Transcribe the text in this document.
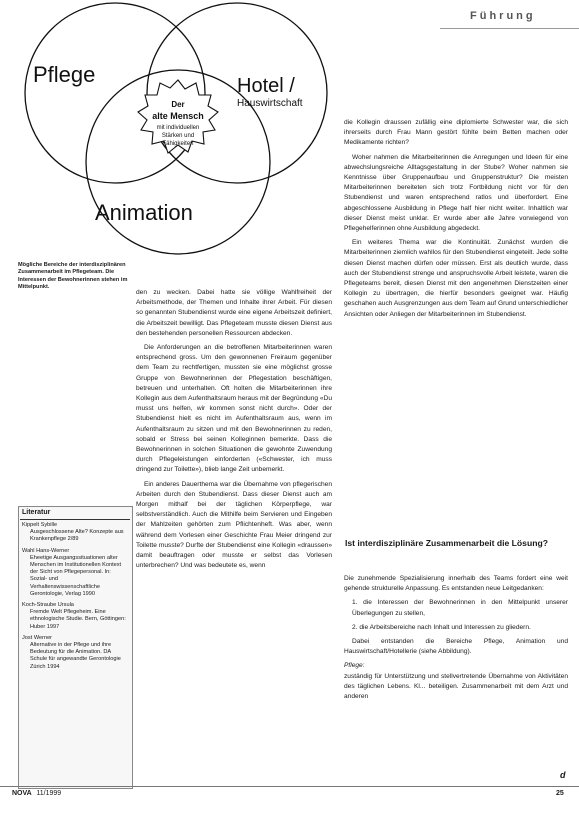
Führung
Pflege	Hotel /
Hauswirtschaft
Animation
Der
alte Mensch
mit individuellen
Stärken und
Fähigkeiten
Mögliche Bereiche der interdisziplinären Zusammenarbeit im Pflegeteam. Die Interessen der Bewohnerinnen stehen im Mittelpunkt.

den zu wecken. Dabei hatte sie völlige Wahlfreiheit der Arbeitsmethode, der Themen und Inhalte ihrer Arbeit. Für diesen so genannten Stubendienst wurde eine eigene Arbeitszeit definiert, die Arbeitszeit bewilligt. Das Pflegeteam musste diesen Dienst aus den bestehenden personellen Ressourcen abdecken.

Die Anforderungen an die betroffenen Mitarbeiterinnen waren entsprechend gross. Um den gewonnenen Freiraum gegenüber dem Team zu rechtfertigen, mussten sie eine möglichst grosse Gruppe von Bewohnerinnen der Pflegestation beschäftigen, betreuen und unterhalten. Oft holten die Mitarbeiterinnen ihre Kollegin aus dem Aufenthaltsraum heraus mit der Begründung «Du musst uns helfen, wir kommen sonst nicht durch». Oder der Stubendienst hielt es nicht im Aufenthaltsraum aus, wenn im Aufenthaltsraum zu sitzen und mit den Bewohnerinnen zu reden, sobald er Stress bei seinen Kolleginnen bemerkte. Dass die Bewohnerinnen in solchen Situationen die gewohnte Zuwendung durch Pflegeleistungen einforderten («Schwester, ich muss dringend zur Toilette»), blieb lange Zeit unbemerkt.

Ein anderes Dauerthema war die Übernahme von pflegerischen Arbeiten durch den Stubendienst. Dass dieser Dienst auch am Morgen mithalf bei der täglichen Körperpflege, war selbstverständlich. Auch die Mithilfe beim Servieren und Eingeben der Mahlzeiten gehörten zum Pflichtenheft. Was aber, wenn während dem Vorlesen einer Geschichte Frau Meier dringend zur Toilette musste? Durfte der Stubendienst eine Kollegin «draussen» damit beauftragen oder musste er selbst das Vorlesen unterbrechen? Und was bedeutete es, wenn

die Kollegin draussen zufällig eine diplomierte Schwester war, die sich ihrerseits durch Frau Mann gestört fühlte beim Betten machen oder Medikamente richten?

Woher nahmen die Mitarbeiterinnen die Anregungen und Ideen für eine abwechslungsreiche Alltagsgestaltung in der Stube? Woher nahmen sie Kenntnisse über Gruppenaufbau und Gruppenstruktur? Die meisten Mitarbeiterinnen bereiteten sich trotz Fortbildung nicht vor für den Stubendienst und waren entsprechend ratlos und überfordert. Eine abgeschlossene Ausbildung in Pflege half hier nicht weiter. Inhaltlich war dieser Dienst meist unklar. Er wurde aber alle Jahre vorwiegend von Pflegehelferinnen ohne Ausbildung abgedeckt.

Ein weiteres Thema war die Kontinuität. Zunächst wurden die Mitarbeiterinnen ziemlich wahllos für den Stubendienst eingeteilt. Jede sollte diesen Dienst machen dürfen oder müssen. Erst als deutlich wurde, dass auch der Stubendienst strenge und anspruchsvolle Arbeit leistete, waren die Pflegeteams bereit, diesen Dienst mit den angenehmen Dienstzeiten einer Kollegin zu übertragen, die hierfür besonders geeignet war. Häufig geschahen auch Ausgrenzungen aus dem Team auf Grund unterschiedlicher Ansichten oder Anliegen der Mitarbeiterinnen im Stubendienst.

Ist interdisziplinäre Zusammenarbeit die Lösung?

Die zunehmende Spezialisierung innerhalb des Teams fordert eine weit gehende strukturelle Anpassung. Es entstanden neue Leitgedanken:

1. die Interessen der Bewohnerinnen in den Mittelpunkt unserer Überlegungen zu stellen,

2. die Arbeitsbereiche nach Inhalt und Interessen zu gliedern.

Dabei entstanden die Bereiche Pflege, Animation und Hauswirtschaft/Hotellerie (siehe Abbildung).

Pflege:

zuständig für Unterstützung und stellvertretende Übernahme von Aktivitäten des täglichen Lebens. Kl... beteiligen. Zusammenarbeit mit dem Arzt und anderen

Literatur
Kippelt Sybille
Ausgeschlossene Alte? Konzepte aus Krankenpflege 2/89
Wahl Hans-Werner
Eheetige Ausgangssituationen alter Menschen im Institutionellen Kontext der Sicht von Pflegepersonal. In: Sozial- und Verhaltenswissenschaftliche Gerontologie, Verlag 1990
Koch-Straube Ursula
Fremde Welt Pflegeheim. Eine ethnologische Studie. Bern, Göttingen: Huber 1997
Jost Werner
Alternative in der Pflege und ihre Bedeutung für die Animation. DA Schule für angewandte Gerontologie Zürich 1994
d
NOVA 11/1999	25
